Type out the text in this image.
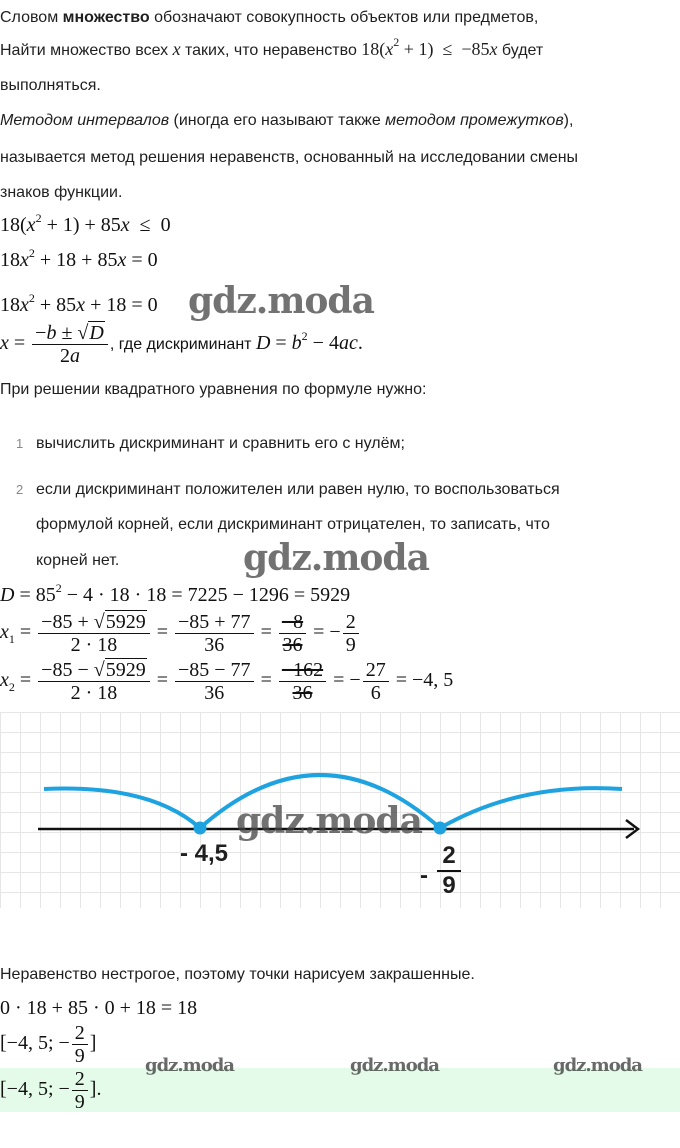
Словом множество обозначают совокупность объектов или предметов,
Найти множество всех x таких, что неравенство $18(x^2 + 1) \le -85x$ будет
выполняться.
Методом интервалов (иногда его называют также методом промежутков),
называется метод решения неравенств, основанный на исследовании смены
знаков функции.
$18(x^2 + 1) + 85x \le 0$
$18x^2 + 18 + 85x = 0$
$18x^2 + 85x + 18 = 0$
$x = \frac{-b \pm √D}{2a}$ , где дискриминант $D = b^2 - 4ac$.
При решении квадратного уравнения по формуле нужно:
1 вычислить дискриминант и сравнить его с нулём;
2 если дискриминант положителен или равен нулю, то воспользоваться
формулой корней, если дискриминант отрицателен, то записать, что
корней нет.
$D = 85^2 - 4 \cdot 18 \cdot 18 = 7225 - 1296 = 5929$
$x_1 = \frac{-85 + √5929}{2 \cdot 18} = \frac{-85 + 77}{36} = \frac{-8}{36}$ = − $\frac{2}{9}$
$x_2 = \frac{-85 - √5929}{2 \cdot 18} = \frac{-85 - 77}{36} = \frac{-162}{36}$ = − $\frac{27}{6} = -4$, 5
- 4,5
-
2
9
Неравенство нестрогое, поэтому точки нарисуем закрашенные.
0 · 18 + 85 · 0 + 18 = 18
[−4, 5; − $\frac{2}{9}$ ]
[−4, 5; − $\frac{2}{9}$ ].
gdz.moda
gdz.moda
gdz.moda
gdz.moda	gdz.moda	gdz.moda
